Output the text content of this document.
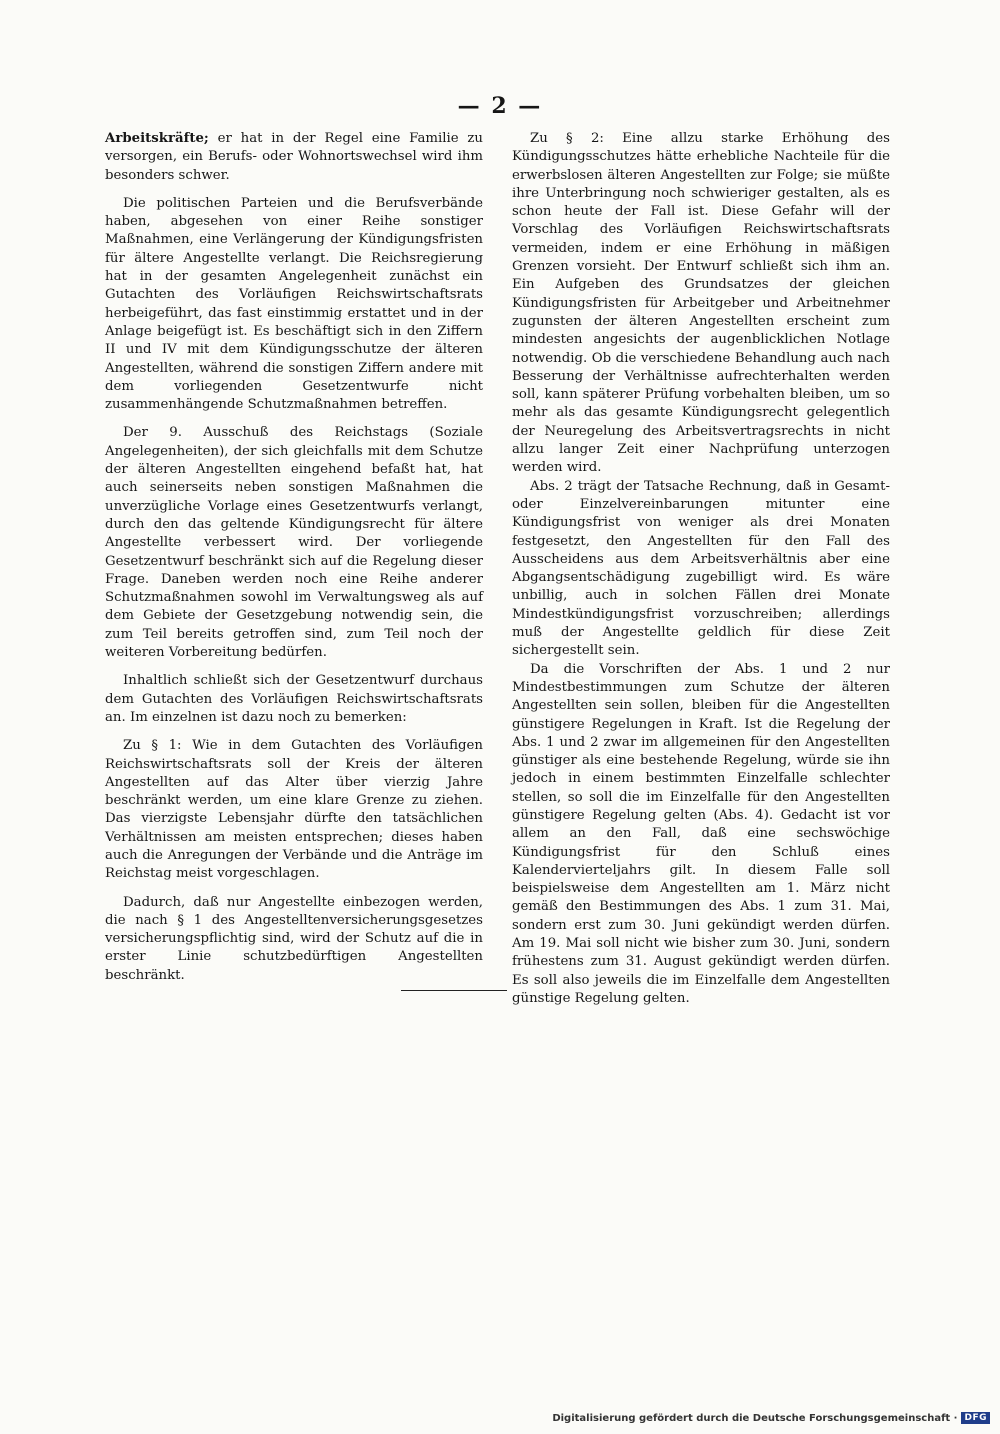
— 2 —

Arbeitskräfte; er hat in der Regel eine Familie zu versorgen, ein Berufs- oder Wohnortswechsel wird ihm besonders schwer.

Die politischen Parteien und die Berufsverbände haben, abgesehen von einer Reihe sonstiger Maßnahmen, eine Verlängerung der Kündigungsfristen für ältere Angestellte verlangt. Die Reichsregierung hat in der gesamten Angelegenheit zunächst ein Gutachten des Vorläufigen Reichswirtschaftsrats herbeigeführt, das fast einstimmig erstattet und in der Anlage beigefügt ist. Es beschäftigt sich in den Ziffern II und IV mit dem Kündigungsschutze der älteren Angestellten, während die sonstigen Ziffern andere mit dem vorliegenden Gesetzentwurfe nicht zusammenhängende Schutzmaßnahmen betreffen.

Der 9. Ausschuß des Reichstags (Soziale Angelegenheiten), der sich gleichfalls mit dem Schutze der älteren Angestellten eingehend befaßt hat, hat auch seinerseits neben sonstigen Maßnahmen die unverzügliche Vorlage eines Gesetzentwurfs verlangt, durch den das geltende Kündigungsrecht für ältere Angestellte verbessert wird. Der vorliegende Gesetzentwurf beschränkt sich auf die Regelung dieser Frage. Daneben werden noch eine Reihe anderer Schutzmaßnahmen sowohl im Verwaltungsweg als auf dem Gebiete der Gesetzgebung notwendig sein, die zum Teil bereits getroffen sind, zum Teil noch der weiteren Vorbereitung bedürfen.

Inhaltlich schließt sich der Gesetzentwurf durchaus dem Gutachten des Vorläufigen Reichswirtschaftsrats an. Im einzelnen ist dazu noch zu bemerken:

Zu § 1: Wie in dem Gutachten des Vorläufigen Reichswirtschaftsrats soll der Kreis der älteren Angestellten auf das Alter über vierzig Jahre beschränkt werden, um eine klare Grenze zu ziehen. Das vierzigste Lebensjahr dürfte den tatsächlichen Verhältnissen am meisten entsprechen; dieses haben auch die Anregungen der Verbände und die Anträge im Reichstag meist vorgeschlagen.

Dadurch, daß nur Angestellte einbezogen werden, die nach § 1 des Angestelltenversicherungsgesetzes versicherungspflichtig sind, wird der Schutz auf die in erster Linie schutzbedürftigen Angestellten beschränkt.

Zu § 2: Eine allzu starke Erhöhung des Kündigungsschutzes hätte erhebliche Nachteile für die erwerbslosen älteren Angestellten zur Folge; sie müßte ihre Unterbringung noch schwieriger gestalten, als es schon heute der Fall ist. Diese Gefahr will der Vorschlag des Vorläufigen Reichswirtschaftsrats vermeiden, indem er eine Erhöhung in mäßigen Grenzen vorsieht. Der Entwurf schließt sich ihm an. Ein Aufgeben des Grundsatzes der gleichen Kündigungsfristen für Arbeitgeber und Arbeitnehmer zugunsten der älteren Angestellten erscheint zum mindesten angesichts der augenblicklichen Notlage notwendig. Ob die verschiedene Behandlung auch nach Besserung der Verhältnisse aufrechterhalten werden soll, kann späterer Prüfung vorbehalten bleiben, um so mehr als das gesamte Kündigungsrecht gelegentlich der Neuregelung des Arbeitsvertragsrechts in nicht allzu langer Zeit einer Nachprüfung unterzogen werden wird.

Abs. 2 trägt der Tatsache Rechnung, daß in Gesamt- oder Einzelvereinbarungen mitunter eine Kündigungsfrist von weniger als drei Monaten festgesetzt, den Angestellten für den Fall des Ausscheidens aus dem Arbeitsverhältnis aber eine Abgangsentschädigung zugebilligt wird. Es wäre unbillig, auch in solchen Fällen drei Monate Mindestkündigungsfrist vorzuschreiben; allerdings muß der Angestellte geldlich für diese Zeit sichergestellt sein.

Da die Vorschriften der Abs. 1 und 2 nur Mindestbestimmungen zum Schutze der älteren Angestellten sein sollen, bleiben für die Angestellten günstigere Regelungen in Kraft. Ist die Regelung der Abs. 1 und 2 zwar im allgemeinen für den Angestellten günstiger als eine bestehende Regelung, würde sie ihn jedoch in einem bestimmten Einzelfalle schlechter stellen, so soll die im Einzelfalle für den Angestellten günstigere Regelung gelten (Abs. 4). Gedacht ist vor allem an den Fall, daß eine sechswöchige Kündigungsfrist für den Schluß eines Kalendervierteljahrs gilt. In diesem Falle soll beispielsweise dem Angestellten am 1. März nicht gemäß den Bestimmungen des Abs. 1 zum 31. Mai, sondern erst zum 30. Juni gekündigt werden dürfen. Am 19. Mai soll nicht wie bisher zum 30. Juni, sondern frühestens zum 31. August gekündigt werden dürfen. Es soll also jeweils die im Einzelfalle dem Angestellten günstige Regelung gelten.

Digitalisierung gefördert durch die Deutsche Forschungsgemeinschaft · DFG
